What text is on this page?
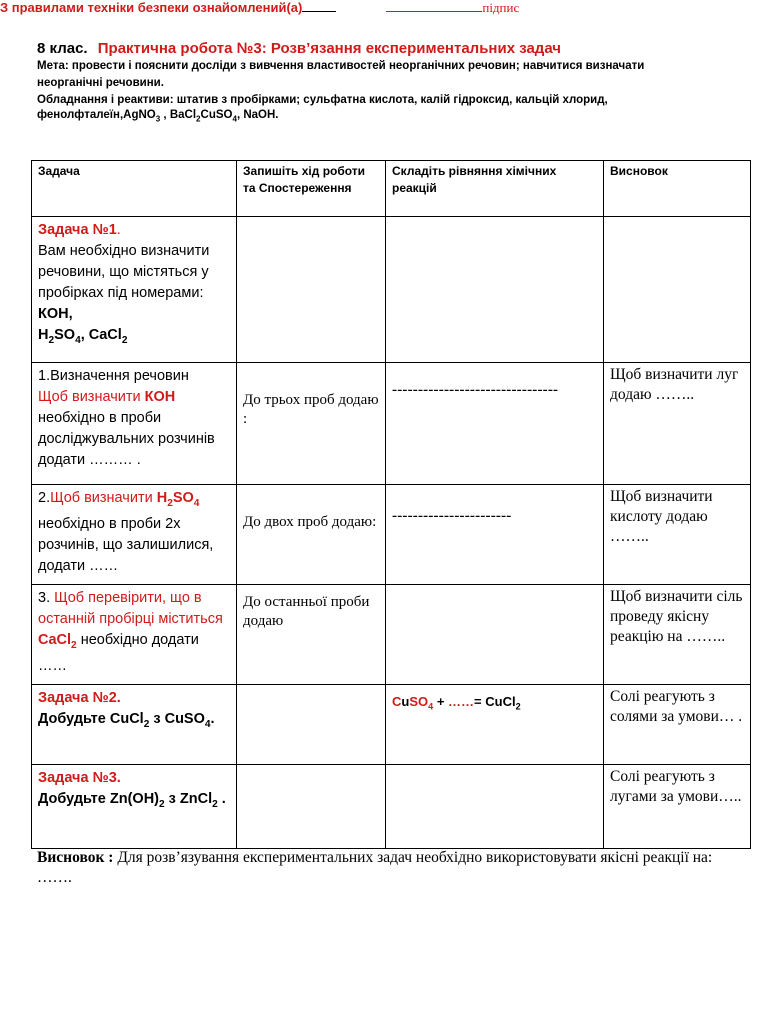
8 клас. Практична робота №3: Розв’язання експериментальних задач
Мета: провести і пояснити досліди з вивчення властивостей неорганічних речовин; навчитися визначати
неорганічні речовини.
Обладнання і реактиви: штатив з пробірками; сульфатна кислота, калій гідроксид, кальцій хлорид,
фенолфталеїн,AgNO$_3$ , BaCl$_2$CuSO$_4$, NaOH.
З правилами техніки безпеки ознайомлений(а)	підпис
Задача	Запишіть хід роботи та Спостереження	Складіть рівняння хімічних реакцій	Висновок
Задача №1.
Вам необхідно визначити речовини, що містяться у пробірках під номерами: КОН,
$H_2SO_4$, CaCl$_2$			
1.Визначення речовин
Щоб визначити КОН необхідно в проби досліджувальних розчинів додати ……… .	До трьох проб додаю :	--------------------------------	Щоб визначити луг додаю ……..
2.Щоб визначити $H_2SO_4$ необхідно в проби 2х розчинів, що залишилися, додати ……	До двох проб додаю:	-----------------------	Щоб визначити кислоту додаю ……..
3. Щоб перевірити, що в останній пробірці міститься CaCl$_2$ необхідно додати ……	До останньої проби додаю		Щоб визначити сіль проведу якісну реакцію на ……..
Задача №2.
Добудьте CuCl$_2$ з CuSO$_4$.		CuSO$_4$ + ……= CuCl$_2$	Солі реагують з солями за умови… .
Задача №3.
Добудьте $Zn(OH)_2$ з ZnCl$_2$ .			Солі реагують з лугами за умови…..
Висновок : Для розв’язування експериментальних задач необхідно використовувати якісні реакції на: …….
